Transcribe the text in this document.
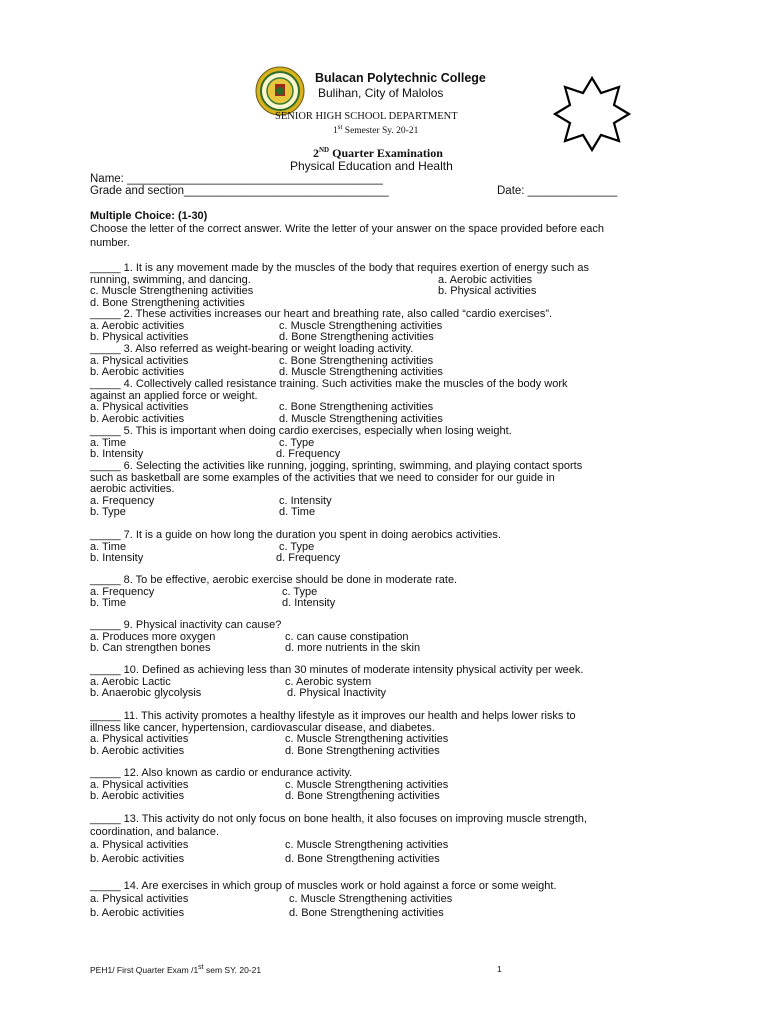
Bulacan Polytechnic College
Bulihan, City of Malolos
SENIOR HIGH SCHOOL DEPARTMENT
1st Semester Sy. 20-21
2ND Quarter Examination
Physical Education and Health
Name: ________________________________________
Grade and section________________________________	Date: ______________
Multiple Choice: (1-30)
Choose the letter of the correct answer. Write the letter of your answer on the space provided before each
number.
_____ 1. It is any movement made by the muscles of the body that requires exertion of energy such as
running, swimming, and dancing.	a. Aerobic activities
c. Muscle Strengthening activities	b. Physical activities
d. Bone Strengthening activities
_____ 2. These activities increases our heart and breathing rate, also called “cardio exercises”.
a. Aerobic activities	c. Muscle Strengthening activities
b. Physical activities	d. Bone Strengthening activities
_____ 3. Also referred as weight-bearing or weight loading activity.
a. Physical activities	c. Bone Strengthening activities
b. Aerobic activities	d. Muscle Strengthening activities
_____ 4. Collectively called resistance training. Such activities make the muscles of the body work
against an applied force or weight.
a. Physical activities	c. Bone Strengthening activities
b. Aerobic activities	d. Muscle Strengthening activities
_____ 5. This is important when doing cardio exercises, especially when losing weight.
a. Time	c. Type
b. Intensity	d. Frequency
_____ 6. Selecting the activities like running, jogging, sprinting, swimming, and playing contact sports
such as basketball are some examples of the activities that we need to consider for our guide in
aerobic activities.
a. Frequency	c. Intensity
b. Type	d. Time
_____ 7. It is a guide on how long the duration you spent in doing aerobics activities.
a. Time	c. Type
b. Intensity	d. Frequency
_____ 8. To be effective, aerobic exercise should be done in moderate rate.
a. Frequency	c. Type
b. Time	d. Intensity
_____ 9. Physical inactivity can cause?
a. Produces more oxygen	c. can cause constipation
b. Can strengthen bones	d. more nutrients in the skin
_____ 10. Defined as achieving less than 30 minutes of moderate intensity physical activity per week.
a. Aerobic Lactic	c. Aerobic system
b. Anaerobic glycolysis	d. Physical Inactivity
_____ 11. This activity promotes a healthy lifestyle as it improves our health and helps lower risks to
illness like cancer, hypertension, cardiovascular disease, and diabetes.
a. Physical activities	c. Muscle Strengthening activities
b. Aerobic activities	d. Bone Strengthening activities
_____ 12. Also known as cardio or endurance activity.
a. Physical activities	c. Muscle Strengthening activities
b. Aerobic activities	d. Bone Strengthening activities
_____ 13. This activity do not only focus on bone health, it also focuses on improving muscle strength,
coordination, and balance.
a. Physical activities	c. Muscle Strengthening activities
b. Aerobic activities	d. Bone Strengthening activities
_____ 14. Are exercises in which group of muscles work or hold against a force or some weight.
a. Physical activities	c. Muscle Strengthening activities
b. Aerobic activities	d. Bone Strengthening activities
PEH1/ First Quarter Exam /1st sem SY. 20-21	1
